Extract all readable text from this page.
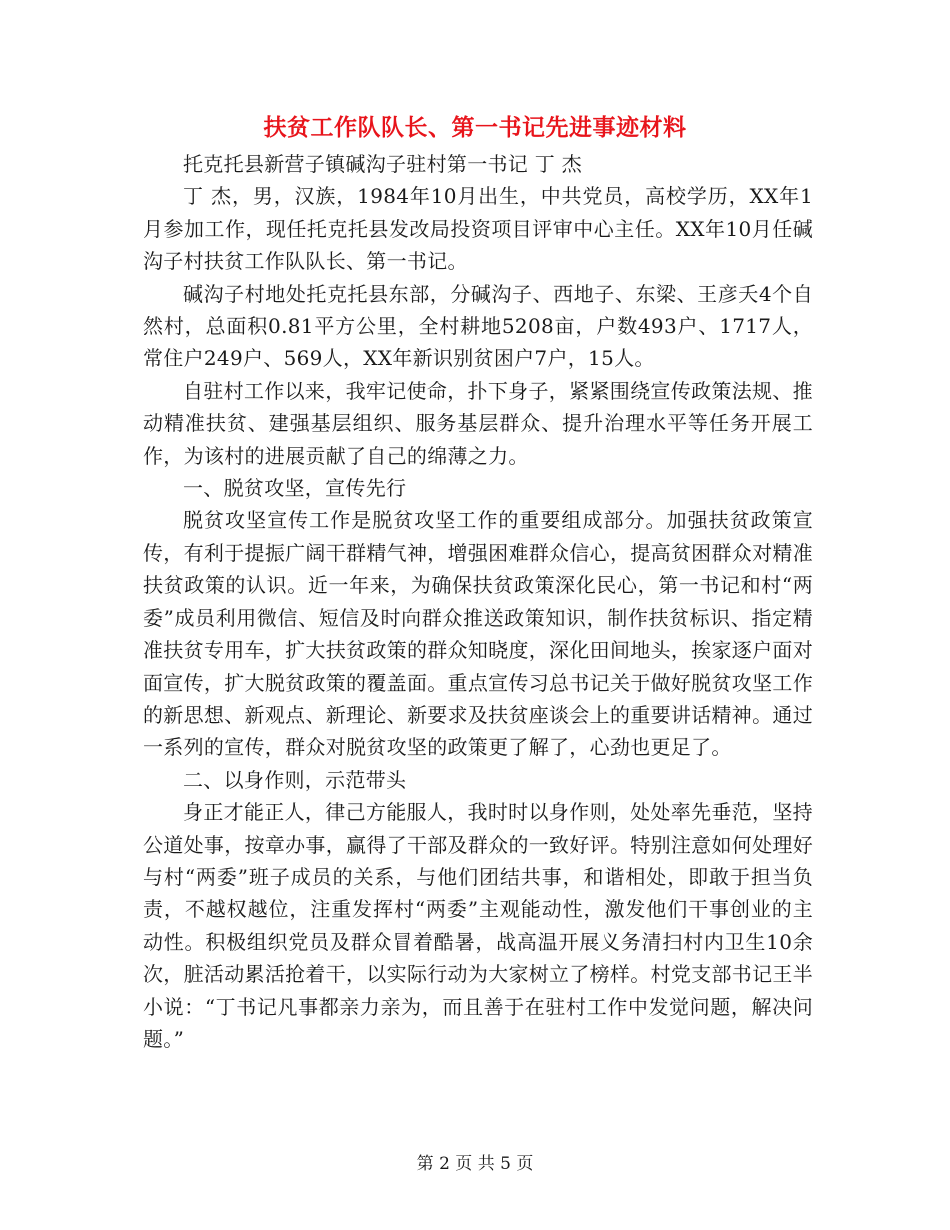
扶贫工作队队长、第一书记先进事迹材料

托克托县新营子镇碱沟子驻村第一书记 丁 杰

丁 杰，男，汉族，1984年10月出生，中共党员，高校学历，XX年1月参加工作，现任托克托县发改局投资项目评审中心主任。XX年10月任碱沟子村扶贫工作队队长、第一书记。

碱沟子村地处托克托县东部，分碱沟子、西地子、东梁、王彦夭4个自然村，总面积0.81平方公里，全村耕地5208亩，户数493户、1717人，常住户249户、569人，XX年新识别贫困户7户，15人。

自驻村工作以来，我牢记使命，扑下身子，紧紧围绕宣传政策法规、推动精准扶贫、建强基层组织、服务基层群众、提升治理水平等任务开展工作，为该村的进展贡献了自己的绵薄之力。

一、脱贫攻坚，宣传先行

脱贫攻坚宣传工作是脱贫攻坚工作的重要组成部分。加强扶贫政策宣传，有利于提振广阔干群精气神，增强困难群众信心，提高贫困群众对精准扶贫政策的认识。近一年来，为确保扶贫政策深化民心，第一书记和村“两委”成员利用微信、短信及时向群众推送政策知识，制作扶贫标识、指定精准扶贫专用车，扩大扶贫政策的群众知晓度，深化田间地头，挨家逐户面对面宣传，扩大脱贫政策的覆盖面。重点宣传习总书记关于做好脱贫攻坚工作的新思想、新观点、新理论、新要求及扶贫座谈会上的重要讲话精神。通过一系列的宣传，群众对脱贫攻坚的政策更了解了，心劲也更足了。

二、以身作则，示范带头

身正才能正人，律己方能服人，我时时以身作则，处处率先垂范，坚持公道处事，按章办事，赢得了干部及群众的一致好评。特别注意如何处理好与村“两委”班子成员的关系，与他们团结共事，和谐相处，即敢于担当负责，不越权越位，注重发挥村“两委”主观能动性，激发他们干事创业的主动性。积极组织党员及群众冒着酷暑，战高温开展义务清扫村内卫生10余次，脏活动累活抢着干，以实际行动为大家树立了榜样。村党支部书记王半小说：“丁书记凡事都亲力亲为，而且善于在驻村工作中发觉问题，解决问题。”

第 2 页 共 5 页
